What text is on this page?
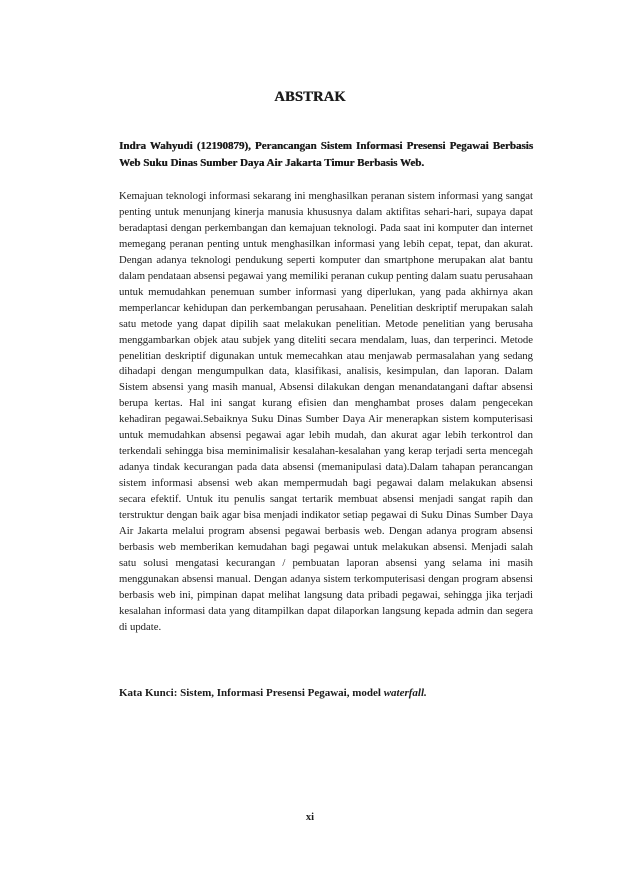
ABSTRAK
Indra Wahyudi (12190879), Perancangan Sistem Informasi Presensi Pegawai Berbasis Web Suku Dinas Sumber Daya Air Jakarta Timur Berbasis Web.

Kemajuan teknologi informasi sekarang ini menghasilkan peranan sistem informasi yang sangat penting untuk menunjang kinerja manusia khususnya dalam aktifitas sehari-hari, supaya dapat beradaptasi dengan perkembangan dan kemajuan teknologi. Pada saat ini komputer dan internet memegang peranan penting untuk menghasilkan informasi yang lebih cepat, tepat, dan akurat. Dengan adanya teknologi pendukung seperti komputer dan smartphone merupakan alat bantu dalam pendataan absensi pegawai yang memiliki peranan cukup penting dalam suatu perusahaan untuk memudahkan penemuan sumber informasi yang diperlukan, yang pada akhirnya akan memperlancar kehidupan dan perkembangan perusahaan. Penelitian deskriptif merupakan salah satu metode yang dapat dipilih saat melakukan penelitian. Metode penelitian yang berusaha menggambarkan objek atau subjek yang diteliti secara mendalam, luas, dan terperinci. Metode penelitian deskriptif digunakan untuk memecahkan atau menjawab permasalahan yang sedang dihadapi dengan mengumpulkan data, klasifikasi, analisis, kesimpulan, dan laporan. Dalam Sistem absensi yang masih manual, Absensi dilakukan dengan menandatangani daftar absensi berupa kertas. Hal ini sangat kurang efisien dan menghambat proses dalam pengecekan kehadiran pegawai.Sebaiknya Suku Dinas Sumber Daya Air menerapkan sistem komputerisasi untuk memudahkan absensi pegawai agar lebih mudah, dan akurat agar lebih terkontrol dan terkendali sehingga bisa meminimalisir kesalahan-kesalahan yang kerap terjadi serta mencegah adanya tindak kecurangan pada data absensi (memanipulasi data).Dalam tahapan perancangan sistem informasi absensi web akan mempermudah bagi pegawai dalam melakukan absensi secara efektif. Untuk itu penulis sangat tertarik membuat absensi menjadi sangat rapih dan terstruktur dengan baik agar bisa menjadi indikator setiap pegawai di Suku Dinas Sumber Daya Air Jakarta melalui program absensi pegawai berbasis web. Dengan adanya program absensi berbasis web memberikan kemudahan bagi pegawai untuk melakukan absensi. Menjadi salah satu solusi mengatasi kecurangan / pembuatan laporan absensi yang selama ini masih menggunakan absensi manual. Dengan adanya sistem terkomputerisasi dengan program absensi berbasis web ini, pimpinan dapat melihat langsung data pribadi pegawai, sehingga jika terjadi kesalahan informasi data yang ditampilkan dapat dilaporkan langsung kepada admin dan segera di update.

Kata Kunci: Sistem, Informasi Presensi Pegawai, model waterfall.

xi
